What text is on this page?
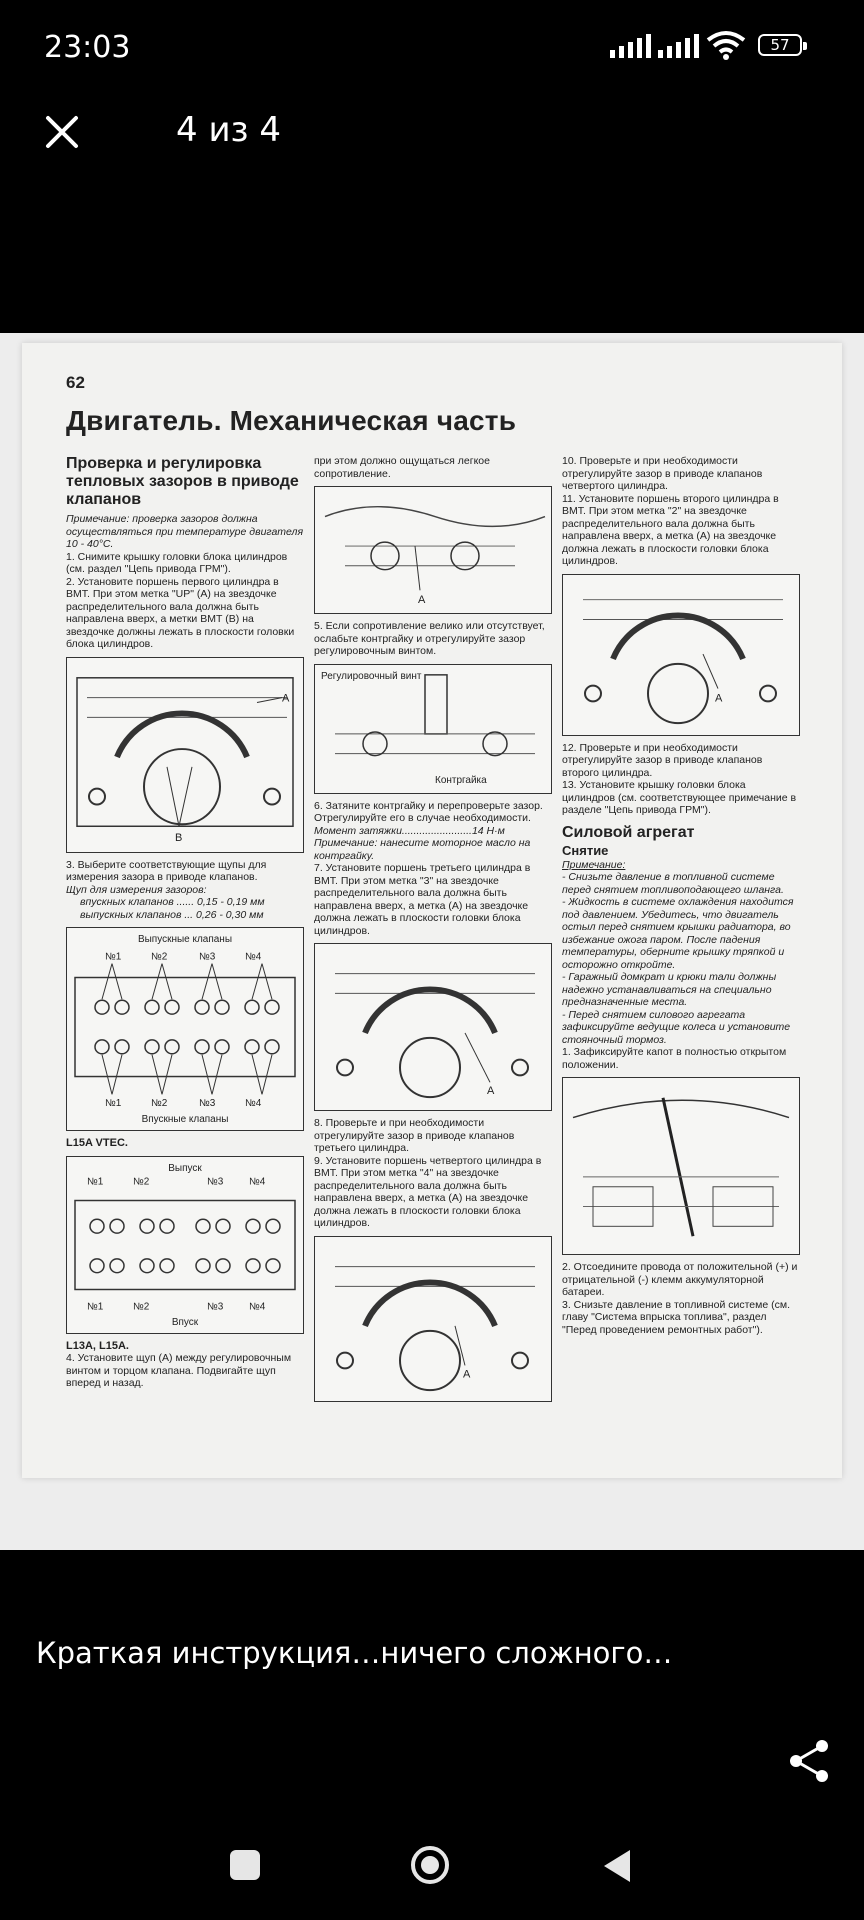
23:03	57
4 из 4
62
Двигатель. Механическая часть

Проверка и регулировка тепловых зазоров в приводе клапанов

Примечание: проверка зазоров должна осуществляться при температуре двигателя 10 - 40°С.

1. Снимите крышку головки блока цилиндров (см. раздел "Цепь привода ГРМ").

2. Установите поршень первого цилиндра в ВМТ. При этом метка "UP" (А) на звездочке распределительного вала должна быть направлена вверх, а метки ВМТ (В) на звездочке должны лежать в плоскости головки блока цилиндров.

A
B

3. Выберите соответствующие щупы для измерения зазора в приводе клапанов.

Щуп для измерения зазоров:

впускных клапанов ...... 0,15 - 0,19 мм

выпускных клапанов ... 0,26 - 0,30 мм

Выпускные клапаны
№1	№2	№3	№4
№1	№2	№3	№4
Впускные клапаны

L15A VTEC.

Выпуск
№1	№2	№3	№4
№1	№2	№3	№4
Впуск

L13A, L15A.

4. Установите щуп (А) между регулировочным винтом и торцом клапана. Подвигайте щуп вперед и назад.

при этом должно ощущаться легкое сопротивление.

A

5. Если сопротивление велико или отсутствует, ослабьте контргайку и отрегулируйте зазор регулировочным винтом.

Регулировочный винт
Контргайка

6. Затяните контргайку и перепроверьте зазор. Отрегулируйте его в случае необходимости.

Момент затяжки........................14 Н·м

Примечание: нанесите моторное масло на контргайку.

7. Установите поршень третьего цилиндра в ВМТ. При этом метка "3" на звездочке распределительного вала должна быть направлена вверх, а метка (А) на звездочке должна лежать в плоскости головки блока цилиндров.

A

8. Проверьте и при необходимости отрегулируйте зазор в приводе клапанов третьего цилиндра.

9. Установите поршень четвертого цилиндра в ВМТ. При этом метка "4" на звездочке распределительного вала должна быть направлена вверх, а метка (А) на звездочке должна лежать в плоскости головки блока цилиндров.

A

10. Проверьте и при необходимости отрегулируйте зазор в приводе клапанов четвертого цилиндра.

11. Установите поршень второго цилиндра в ВМТ. При этом метка "2" на звездочке распределительного вала должна быть направлена вверх, а метка (А) на звездочке должна лежать в плоскости головки блока цилиндров.

A

12. Проверьте и при необходимости отрегулируйте зазор в приводе клапанов второго цилиндра.

13. Установите крышку головки блока цилиндров (см. соответствующее примечание в разделе "Цепь привода ГРМ").

Силовой агрегат

Снятие

Примечание:

- Снизьте давление в топливной системе перед снятием топливоподающего шланга.

- Жидкость в системе охлаждения находится под давлением. Убедитесь, что двигатель остыл перед снятием крышки радиатора, во избежание ожога паром. После падения температуры, оберните крышку тряпкой и осторожно откройте.

- Гаражный домкрат и крюки тали должны надежно устанавливаться на специально предназначенные места.

- Перед снятием силового агрегата зафиксируйте ведущие колеса и установите стояночный тормоз.

1. Зафиксируйте капот в полностью открытом положении.

2. Отсоедините провода от положительной (+) и отрицательной (-) клемм аккумуляторной батареи.

3. Снизьте давление в топливной системе (см. главу "Система впрыска топлива", раздел "Перед проведением ремонтных работ").

Краткая инструкция…ничего сложного…
